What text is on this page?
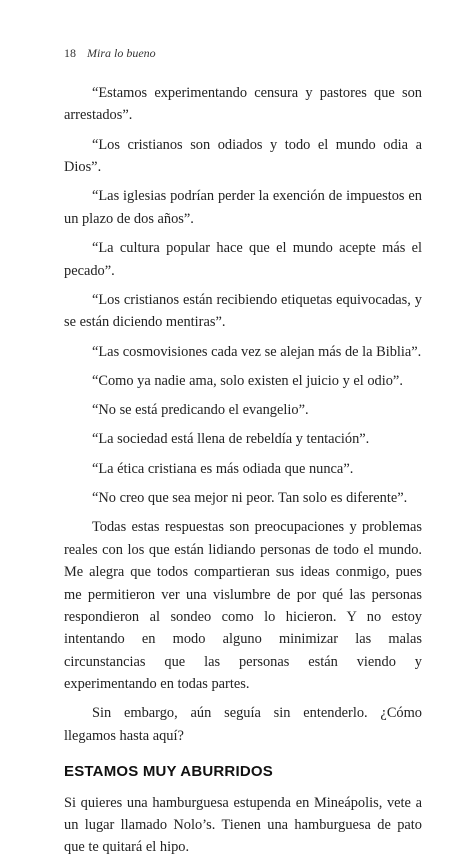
18 Mira lo bueno

“Estamos experimentando censura y pastores que son arrestados”.

“Los cristianos son odiados y todo el mundo odia a Dios”.

“Las iglesias podrían perder la exención de impuestos en un plazo de dos años”.

“La cultura popular hace que el mundo acepte más el pecado”.

“Los cristianos están recibiendo etiquetas equivocadas, y se están diciendo mentiras”.

“Las cosmovisiones cada vez se alejan más de la Biblia”.

“Como ya nadie ama, solo existen el juicio y el odio”.

“No se está predicando el evangelio”.

“La sociedad está llena de rebeldía y tentación”.

“La ética cristiana es más odiada que nunca”.

“No creo que sea mejor ni peor. Tan solo es diferente”.

Todas estas respuestas son preocupaciones y problemas reales con los que están lidiando personas de todo el mundo. Me alegra que todos compartieran sus ideas conmigo, pues me permitieron ver una vislumbre de por qué las personas respondieron al sondeo como lo hicieron. Y no estoy intentando en modo alguno minimizar las malas circunstancias que las personas están viendo y experimentando en todas partes.

Sin embargo, aún seguía sin entenderlo. ¿Cómo llegamos hasta aquí?

ESTAMOS MUY ABURRIDOS

Si quieres una hamburguesa estupenda en Mineápolis, vete a un lugar llamado Nolo’s. Tienen una hamburguesa de pato que te quitará el hipo.
